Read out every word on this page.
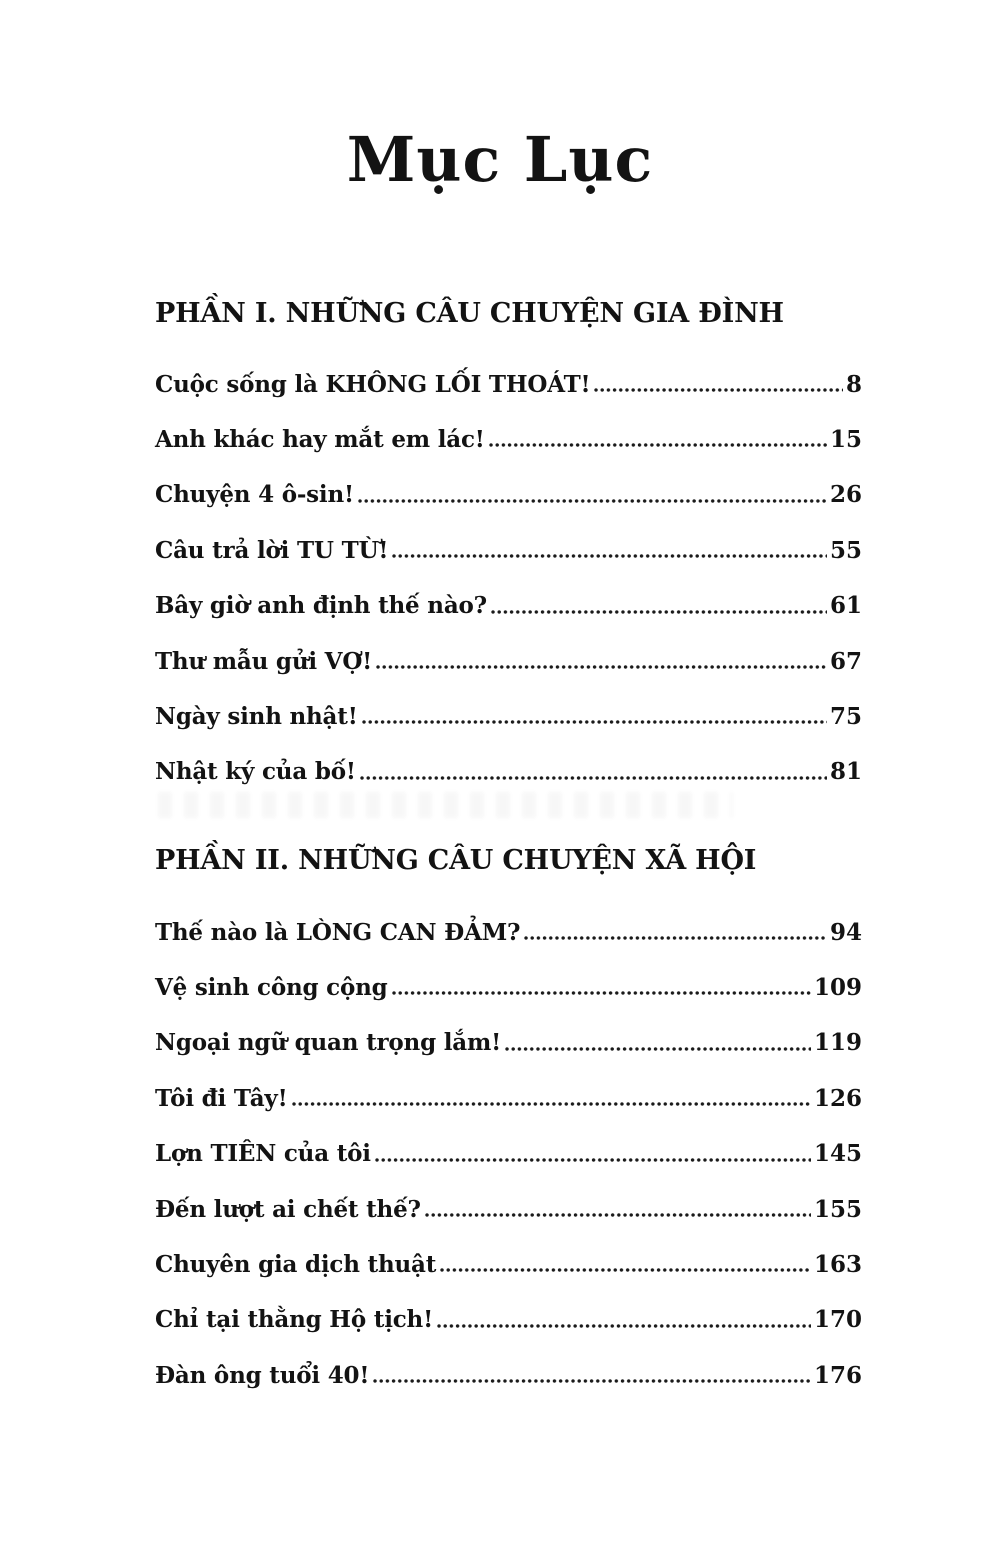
Mục Lục
PHẦN I. NHỮNG CÂU CHUYỆN GIA ĐÌNH
Cuộc sống là KHÔNG LỐI THOÁT!	8
Anh khác hay mắt em lác!	15
Chuyện 4 ô-sin!	26
Câu trả lời TU TỪ!	55
Bây giờ anh định thế nào?	61
Thư mẫu gửi VỢ!	67
Ngày sinh nhật!	75
Nhật ký của bố!	81
PHẦN II. NHỮNG CÂU CHUYỆN XÃ HỘI
Thế nào là LÒNG CAN ĐẢM?	94
Vệ sinh công cộng	109
Ngoại ngữ quan trọng lắm!	119
Tôi đi Tây!	126
Lợn TIÊN của tôi	145
Đến lượt ai chết thế?	155
Chuyên gia dịch thuật	163
Chỉ tại thằng Hộ tịch!	170
Đàn ông tuổi 40!	176
